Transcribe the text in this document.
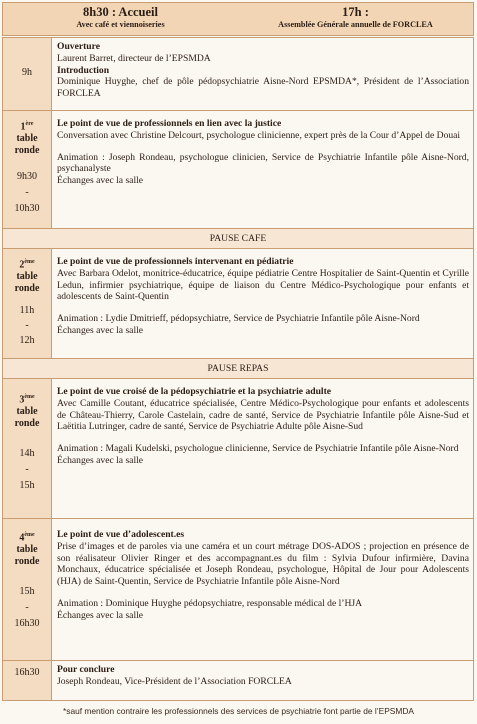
8h30 : Accueil
Avec café et viennoiseries
17h :
Assemblée Générale annuelle de FORCLEA
9h
Ouverture
Laurent Barret, directeur de l’EPSMDA
Introduction
Dominique Huyghe, chef de pôle pédopsychiatrie Aisne-Nord EPSMDA*, Président de l’Association FORCLEA
1ère
table
ronde
9h30
-
10h30
Le point de vue de professionnels en lien avec la justice
Conversation avec Christine Delcourt, psychologue clinicienne, expert près de la Cour d’Appel de Douai
Animation : Joseph Rondeau, psychologue clinicien, Service de Psychiatrie Infantile pôle Aisne-Nord, psychanalyste
Échanges avec la salle
PAUSE CAFE
2ème
table
ronde
11h
-
12h
Le point de vue de professionnels intervenant en pédiatrie
Avec Barbara Odelot, monitrice-éducatrice, équipe pédiatrie Centre Hospitalier de Saint-Quentin et Cyrille Ledun, infirmier psychiatrique, équipe de liaison du Centre Médico-Psychologique pour enfants et adolescents de Saint-Quentin
Animation : Lydie Dmitrieff, pédopsychiatre, Service de Psychiatrie Infantile pôle Aisne-Nord
Échanges avec la salle
PAUSE REPAS
3ème
table
ronde
14h
-
15h
Le point de vue croisé de la pédopsychiatrie et la psychiatrie adulte
Avec Camille Coutant, éducatrice spécialisée, Centre Médico-Psychologique pour enfants et adolescents de Château-Thierry, Carole Castelain, cadre de santé, Service de Psychiatrie Infantile pôle Aisne-Sud et Laëtitia Lutringer, cadre de santé, Service de Psychiatrie Adulte pôle Aisne-Sud
Animation : Magali Kudelski, psychologue clinicienne, Service de Psychiatrie Infantile pôle Aisne-Nord
Échanges avec la salle
4ème
table
ronde
15h
-
16h30
Le point de vue d’adolescent.es
Prise d’images et de paroles via une caméra et un court métrage DOS-ADOS ; projection en présence de son réalisateur Olivier Ringer et des accompagnant.es du film : Sylvia Dufour infirmière, Davina Monchaux, éducatrice spécialisée et Joseph Rondeau, psychologue, Hôpital de Jour pour Adolescents (HJA) de Saint-Quentin, Service de Psychiatrie Infantile pôle Aisne-Nord
Animation : Dominique Huyghe pédopsychiatre, responsable médical de l’HJA
Échanges avec la salle
16h30	Pour conclure
Joseph Rondeau, Vice-Président de l’Association FORCLEA
*sauf mention contraire les professionnels des services de psychiatrie font partie de l’EPSMDA
